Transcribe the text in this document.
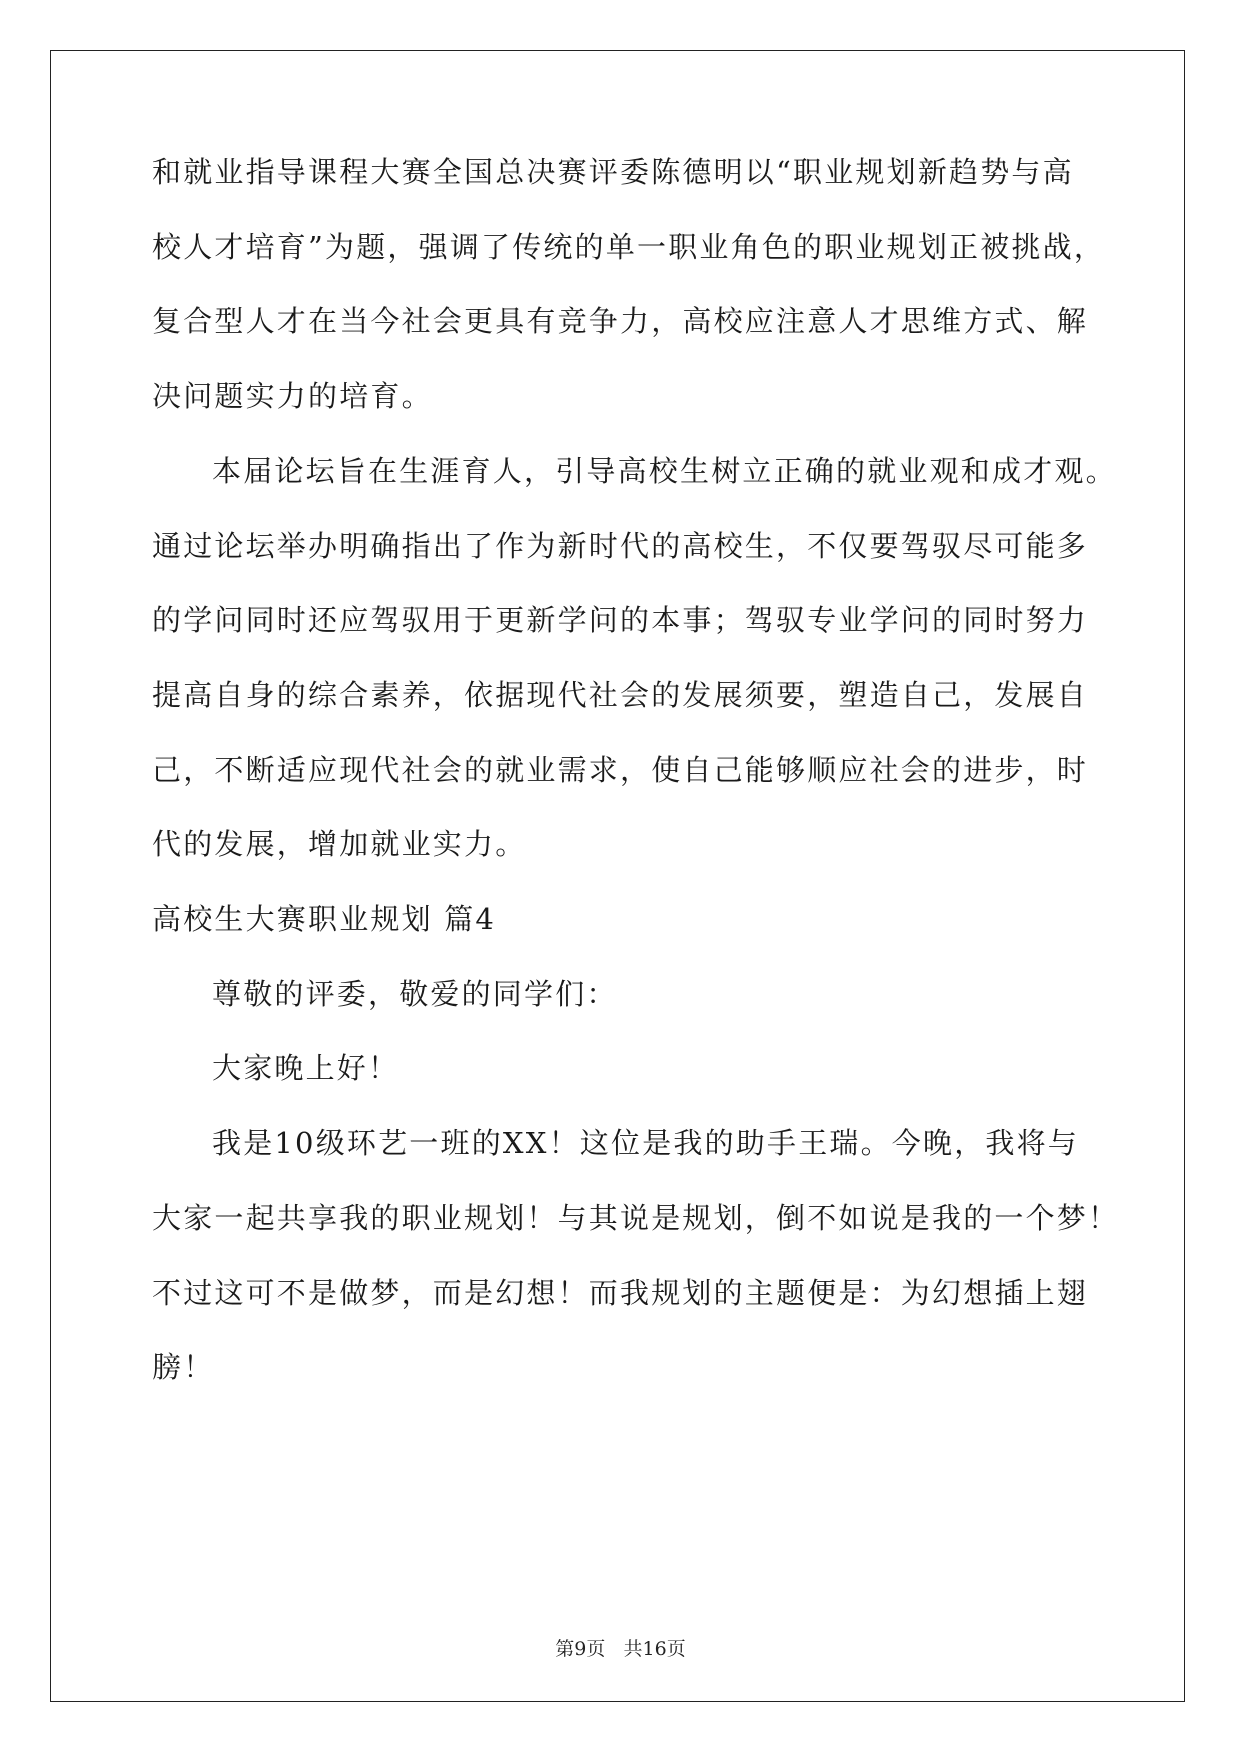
和就业指导课程大赛全国总决赛评委陈德明以“职业规划新趋势与高

校人才培育”为题，强调了传统的单一职业角色的职业规划正被挑战，

复合型人才在当今社会更具有竞争力，高校应注意人才思维方式、解

决问题实力的培育。

本届论坛旨在生涯育人，引导高校生树立正确的就业观和成才观。

通过论坛举办明确指出了作为新时代的高校生，不仅要驾驭尽可能多

的学问同时还应驾驭用于更新学问的本事；驾驭专业学问的同时努力

提高自身的综合素养，依据现代社会的发展须要，塑造自己，发展自

己，不断适应现代社会的就业需求，使自己能够顺应社会的进步，时

代的发展，增加就业实力。

高校生大赛职业规划 篇4

尊敬的评委，敬爱的同学们：

大家晚上好！

我是10级环艺一班的XX！这位是我的助手王瑞。今晚，我将与

大家一起共享我的职业规划！与其说是规划，倒不如说是我的一个梦！

不过这可不是做梦，而是幻想！而我规划的主题便是：为幻想插上翅

膀！

第9页 共16页
